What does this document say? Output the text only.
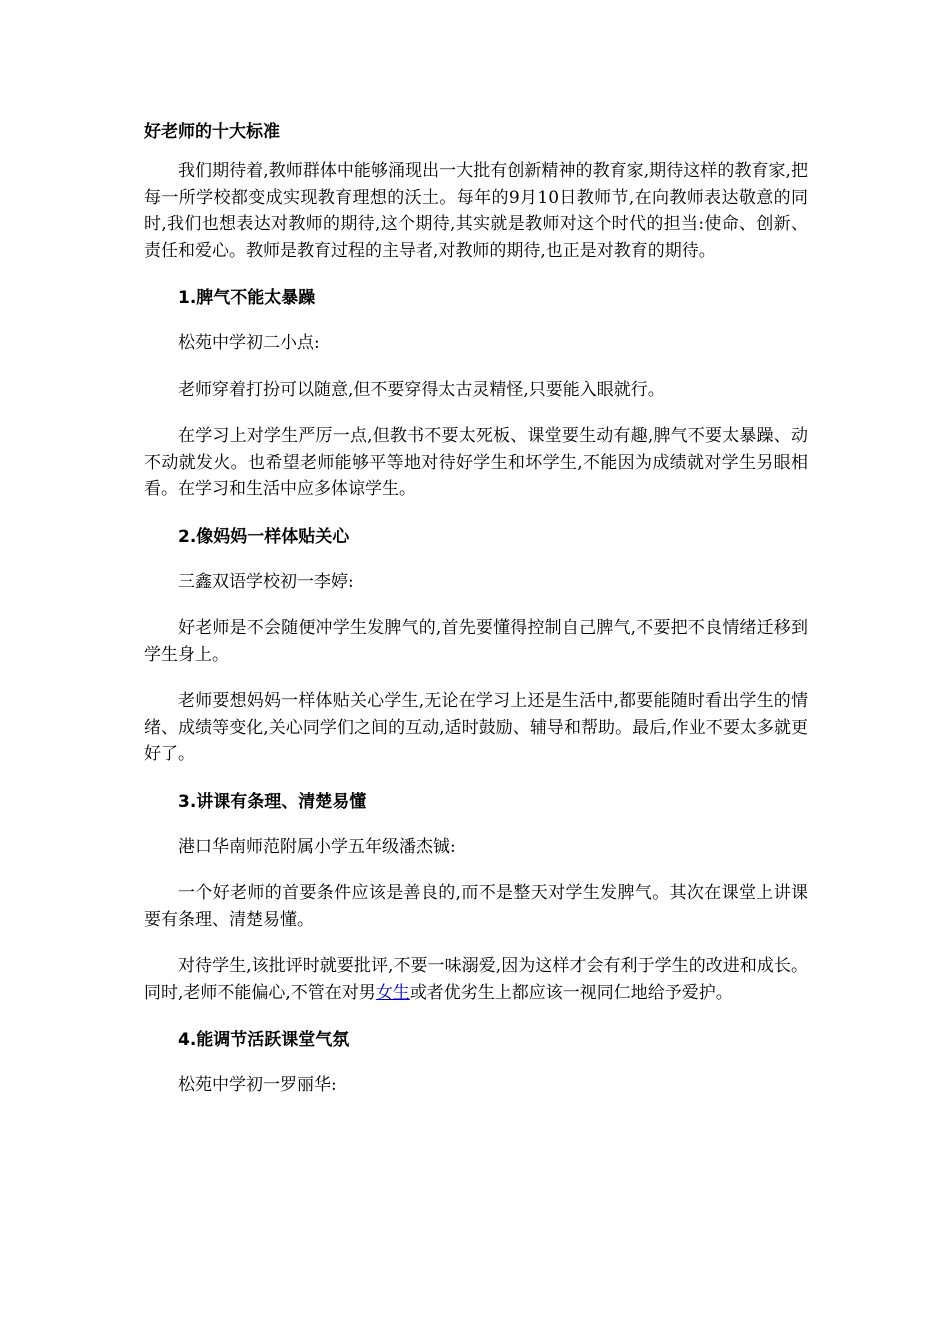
好老师的十大标准

我们期待着,教师群体中能够涌现出一大批有创新精神的教育家,期待这样的教育家,把每一所学校都变成实现教育理想的沃土。每年的9月10日教师节,在向教师表达敬意的同时,我们也想表达对教师的期待,这个期待,其实就是教师对这个时代的担当:使命、创新、责任和爱心。教师是教育过程的主导者,对教师的期待,也正是对教育的期待。

1.脾气不能太暴躁

松苑中学初二小点:

老师穿着打扮可以随意,但不要穿得太古灵精怪,只要能入眼就行。

在学习上对学生严厉一点,但教书不要太死板、课堂要生动有趣,脾气不要太暴躁、动不动就发火。也希望老师能够平等地对待好学生和坏学生,不能因为成绩就对学生另眼相看。在学习和生活中应多体谅学生。

2.像妈妈一样体贴关心

三鑫双语学校初一李婷:

好老师是不会随便冲学生发脾气的,首先要懂得控制自己脾气,不要把不良情绪迁移到学生身上。

老师要想妈妈一样体贴关心学生,无论在学习上还是生活中,都要能随时看出学生的情绪、成绩等变化,关心同学们之间的互动,适时鼓励、辅导和帮助。最后,作业不要太多就更好了。

3.讲课有条理、清楚易懂

港口华南师范附属小学五年级潘杰铖:

一个好老师的首要条件应该是善良的,而不是整天对学生发脾气。其次在课堂上讲课要有条理、清楚易懂。

对待学生,该批评时就要批评,不要一味溺爱,因为这样才会有利于学生的改进和成长。同时,老师不能偏心,不管在对男女生或者优劣生上都应该一视同仁地给予爱护。

4.能调节活跃课堂气氛

松苑中学初一罗丽华:
